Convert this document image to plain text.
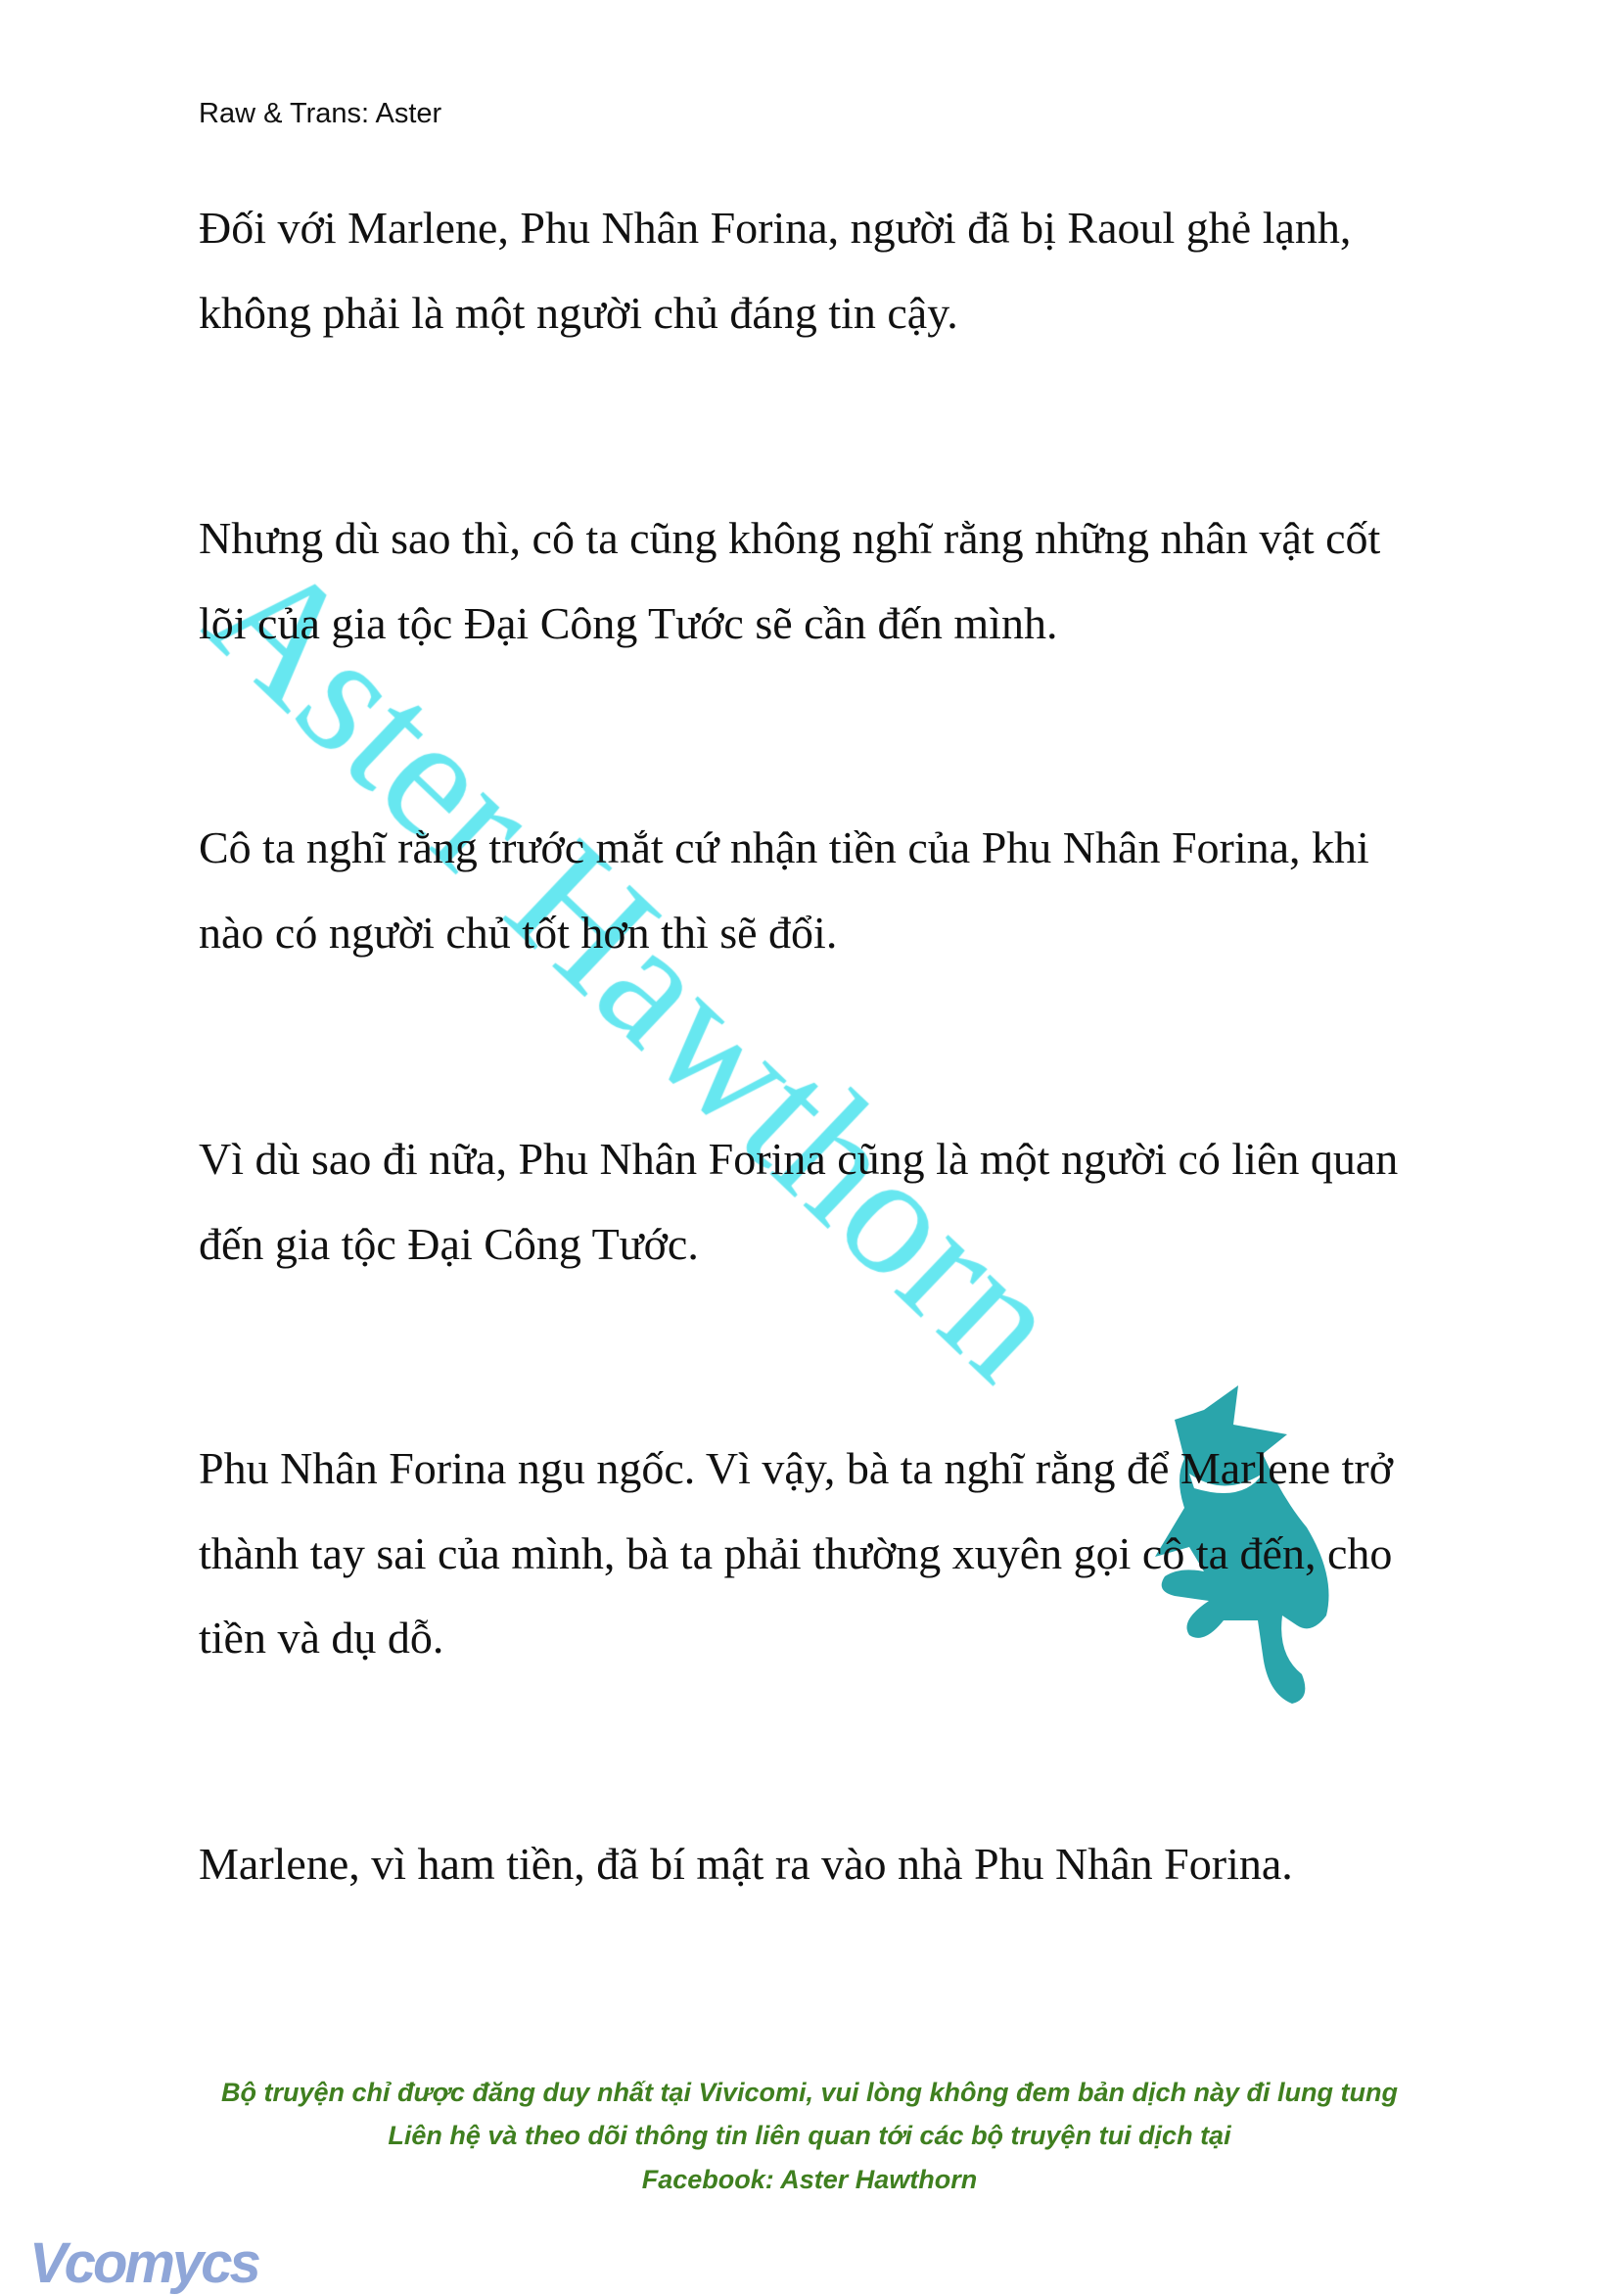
Raw & Trans: Aster

Đối với Marlene, Phu Nhân Forina, người đã bị Raoul ghẻ lạnh, không phải là một người chủ đáng tin cậy.

Nhưng dù sao thì, cô ta cũng không nghĩ rằng những nhân vật cốt lõi của gia tộc Đại Công Tước sẽ cần đến mình.

Cô ta nghĩ rằng trước mắt cứ nhận tiền của Phu Nhân Forina, khi nào có người chủ tốt hơn thì sẽ đổi.

Vì dù sao đi nữa, Phu Nhân Forina cũng là một người có liên quan đến gia tộc Đại Công Tước.

Phu Nhân Forina ngu ngốc. Vì vậy, bà ta nghĩ rằng để Marlene trở thành tay sai của mình, bà ta phải thường xuyên gọi cô ta đến, cho tiền và dụ dỗ.

Marlene, vì ham tiền, đã bí mật ra vào nhà Phu Nhân Forina.

Bộ truyện chỉ được đăng duy nhất tại Vivicomi, vui lòng không đem bản dịch này đi lung tung
Liên hệ và theo dõi thông tin liên quan tới các bộ truyện tui dịch tại
Facebook: Aster Hawthorn
Vcomycs
